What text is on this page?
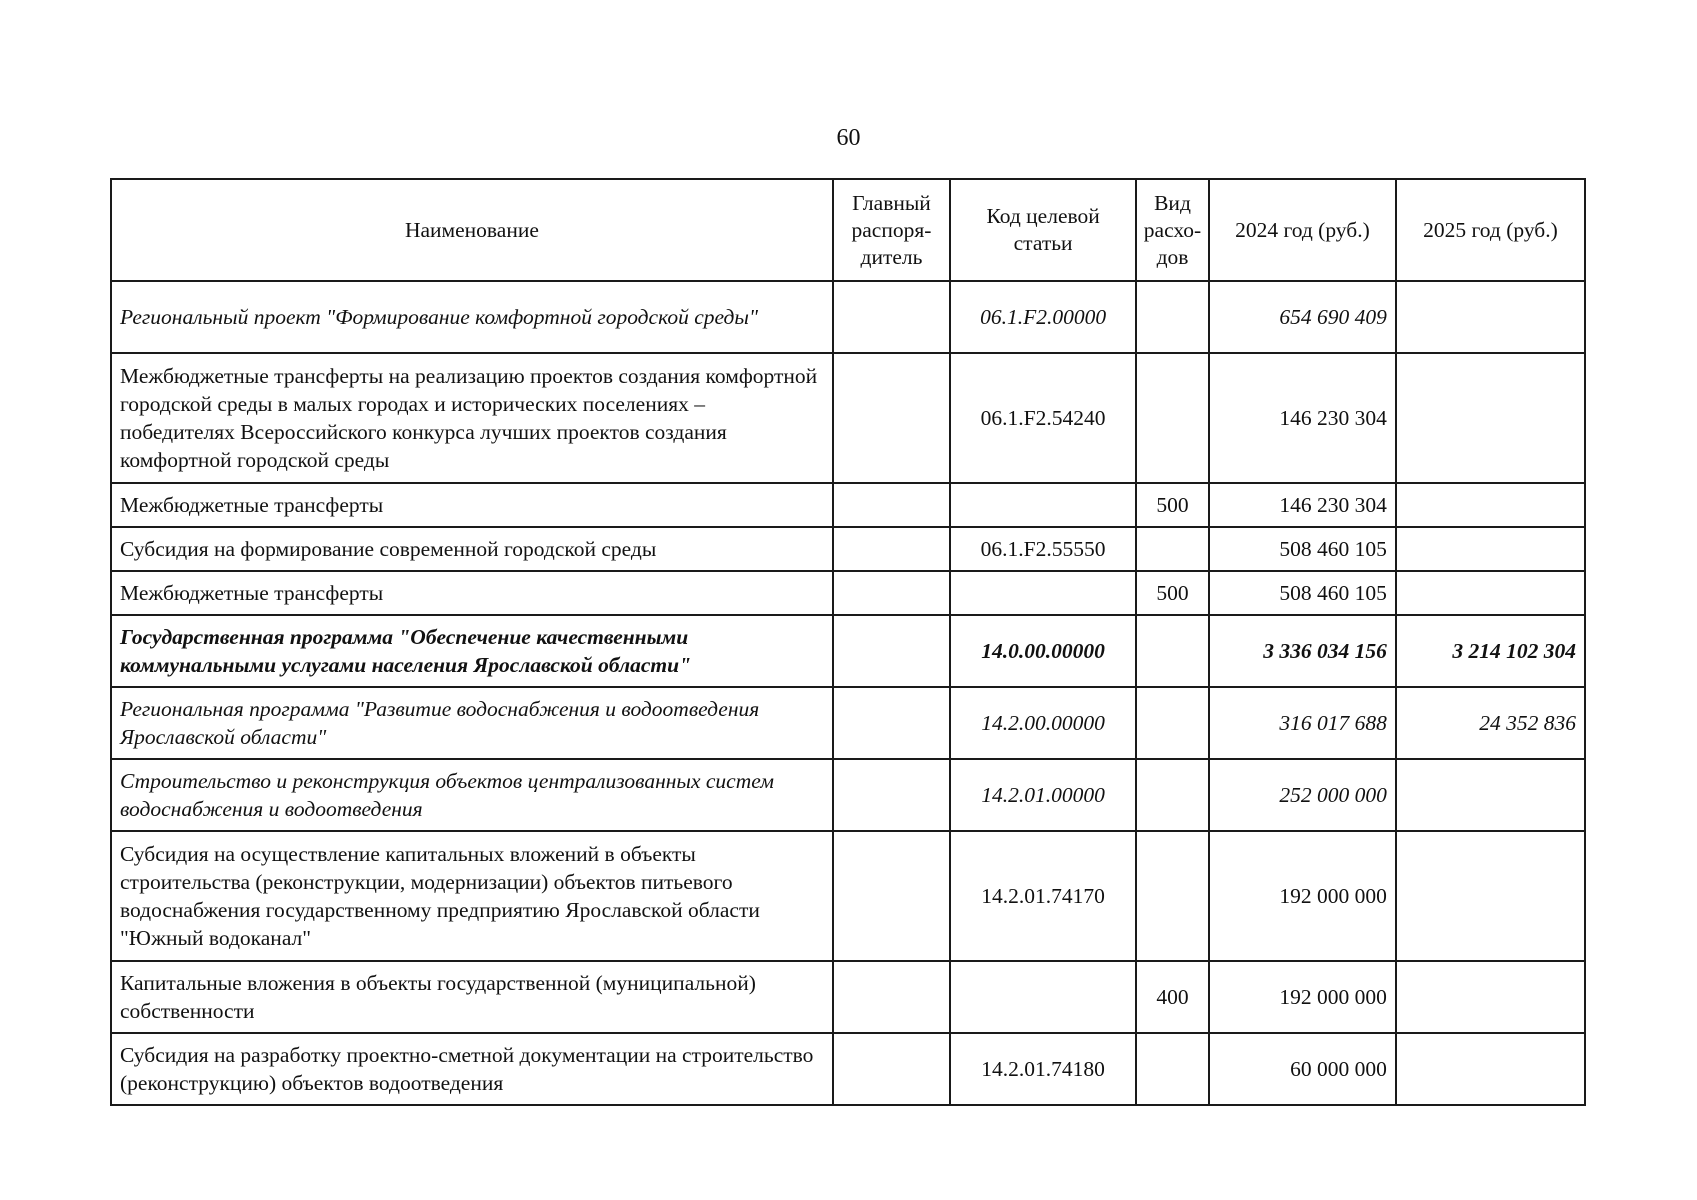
60
Наименование	Главный распоря-дитель	Код целевой статьи	Вид расхо-дов	2024 год (руб.)	2025 год (руб.)
Региональный проект "Формирование комфортной городской среды"		06.1.F2.00000		654 690 409	
Межбюджетные трансферты на реализацию проектов создания комфортной городской среды в малых городах и исторических поселениях – победителях Всероссийского конкурса лучших проектов создания комфортной городской среды		06.1.F2.54240		146 230 304	
Межбюджетные трансферты			500	146 230 304	
Субсидия на формирование современной городской среды		06.1.F2.55550		508 460 105	
Межбюджетные трансферты			500	508 460 105	
Государственная программа "Обеспечение качественными коммунальными услугами населения Ярославской области"		14.0.00.00000		3 336 034 156	3 214 102 304
Региональная программа "Развитие водоснабжения и водоотведения Ярославской области"		14.2.00.00000		316 017 688	24 352 836
Строительство и реконструкция объектов централизованных систем водоснабжения и водоотведения		14.2.01.00000		252 000 000	
Субсидия на осуществление капитальных вложений в объекты строительства (реконструкции, модернизации) объектов питьевого водоснабжения государственному предприятию Ярославской области "Южный водоканал"		14.2.01.74170		192 000 000	
Капитальные вложения в объекты государственной (муниципальной) собственности			400	192 000 000	
Субсидия на разработку проектно-сметной документации на строительство (реконструкцию) объектов водоотведения		14.2.01.74180		60 000 000	
